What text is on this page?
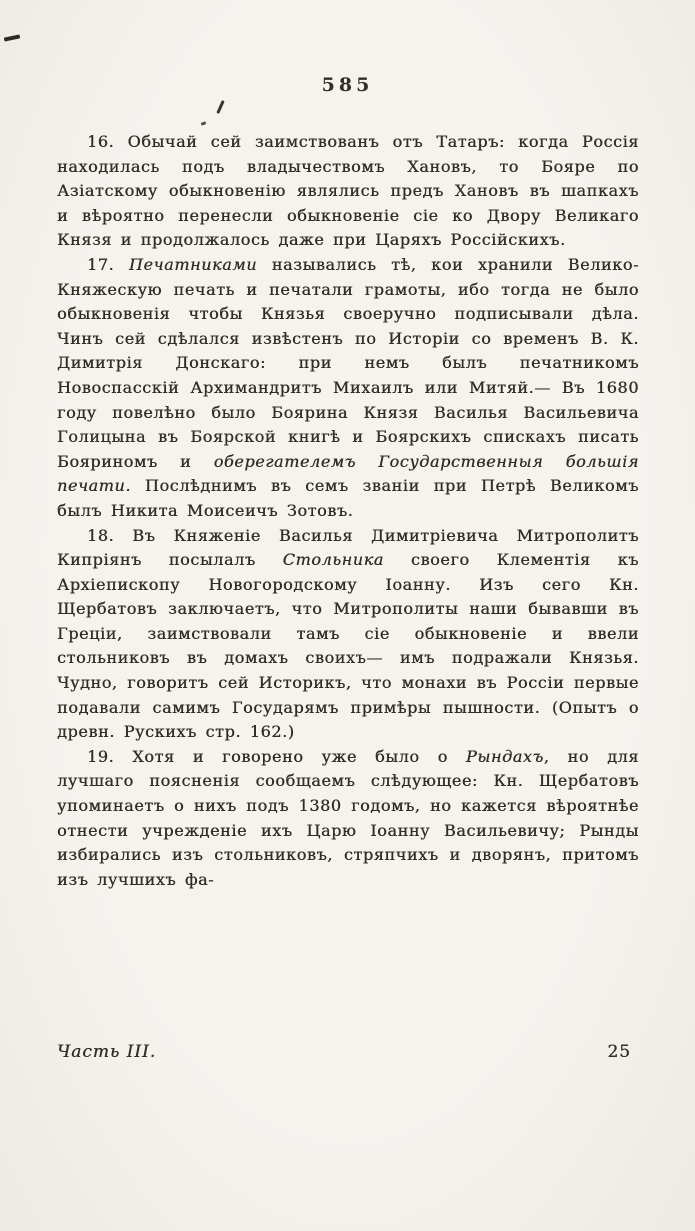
585

16. Обычай сей заимствованъ отъ Татаръ: когда Россія находилась подъ владычествомъ Хановъ, то Бояре по Азіатскому обыкновенію являлись предъ Хановъ въ шапкахъ и вѣроятно перенесли обыкновеніе сіе ко Двору Великаго Князя и продолжалось даже при Царяхъ Россійскихъ.

17. Печатниками назывались тѣ, кои хранили Велико-Княжескую печать и печатали грамоты, ибо тогда не было обыкновенія чтобы Князья своеручно подписывали дѣла. Чинъ сей сдѣлался извѣстенъ по Исторіи со временъ В. К. Димитрія Донскаго: при немъ былъ печатникомъ Новоспасскій Архимандритъ Михаилъ или Митяй.— Въ 1680 году повелѣно было Боярина Князя Василья Васильевича Голицына въ Боярской книгѣ и Боярскихъ спискахъ писать Бояриномъ и оберегателемъ Государственныя большія печати. Послѣднимъ въ семъ званіи при Петрѣ Великомъ былъ Никита Моисеичъ Зотовъ.

18. Въ Княженіе Василья Димитріевича Митрополитъ Кипріянъ посылалъ Стольника своего Клементія къ Архіепископу Новогородскому Іоанну. Изъ сего Кн. Щербатовъ заключаетъ, что Митрополиты наши бывавши въ Греціи, заимствовали тамъ сіе обыкновеніе и ввели стольниковъ въ домахъ своихъ— имъ подражали Князья. Чудно, говоритъ сей Историкъ, что монахи въ Россіи первые подавали самимъ Государямъ примѣры пышности. (Опытъ о древн. Рускихъ стр. 162.)

19. Хотя и говорено уже было о Рындахъ, но для лучшаго поясненія сообщаемъ слѣдующее: Кн. Щербатовъ упоминаетъ о нихъ подъ 1380 годомъ, но кажется вѣроятнѣе отнести учрежденіе ихъ Царю Іоанну Васильевичу; Рынды избирались изъ стольниковъ, стряпчихъ и дворянъ, притомъ изъ лучшихъ фа-

Часть III.	25
